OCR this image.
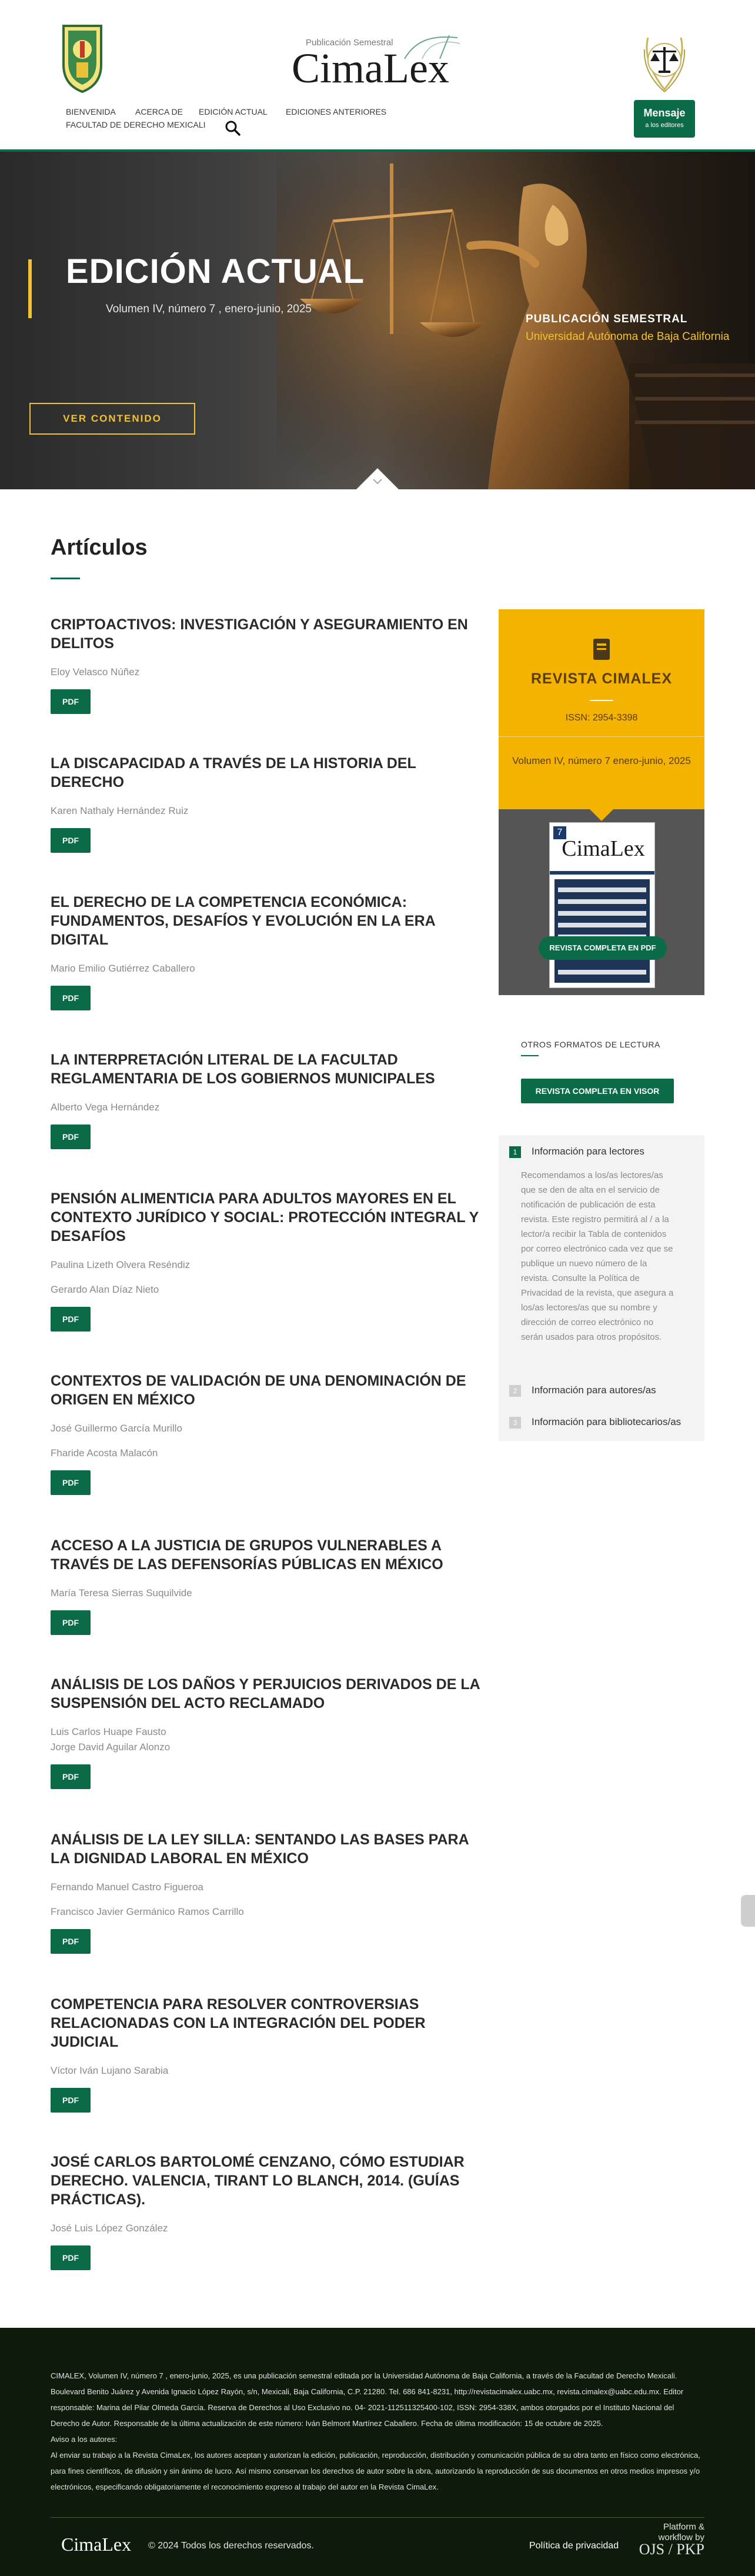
Publicación Semestral
CimaLex
BIENVENIDA ACERCA DE EDICIÓN ACTUAL EDICIONES ANTERIORES
FACULTAD DE DERECHO MEXICALI
Mensaje
a los editores
EDICIÓN ACTUAL
Volumen IV, número 7 , enero-junio, 2025
PUBLICACIÓN SEMESTRAL
Universidad Autónoma de Baja California
VER CONTENIDO
Artículos
CRIPTOACTIVOS: INVESTIGACIÓN Y ASEGURAMIENTO EN DELITOS
Eloy Velasco Núñez
PDF
LA DISCAPACIDAD A TRAVÉS DE LA HISTORIA DEL DERECHO
Karen Nathaly Hernández Ruiz
PDF
EL DERECHO DE LA COMPETENCIA ECONÓMICA: FUNDAMENTOS, DESAFÍOS Y EVOLUCIÓN EN LA ERA DIGITAL
Mario Emilio Gutiérrez Caballero
PDF
LA INTERPRETACIÓN LITERAL DE LA FACULTAD REGLAMENTARIA DE LOS GOBIERNOS MUNICIPALES
Alberto Vega Hernández
PDF
PENSIÓN ALIMENTICIA PARA ADULTOS MAYORES EN EL CONTEXTO JURÍDICO Y SOCIAL: PROTECCIÓN INTEGRAL Y DESAFÍOS
Paulina Lizeth Olvera Reséndiz
Gerardo Alan Díaz Nieto
PDF
CONTEXTOS DE VALIDACIÓN DE UNA DENOMINACIÓN DE ORIGEN EN MÉXICO
José Guillermo García Murillo
Fharide Acosta Malacón
PDF
ACCESO A LA JUSTICIA DE GRUPOS VULNERABLES A TRAVÉS DE LAS DEFENSORÍAS PÚBLICAS EN MÉXICO
María Teresa Sierras Suquilvide
PDF
ANÁLISIS DE LOS DAÑOS Y PERJUICIOS DERIVADOS DE LA SUSPENSIÓN DEL ACTO RECLAMADO
Luis Carlos Huape Fausto
Jorge David Aguilar Alonzo
PDF
ANÁLISIS DE LA LEY SILLA: SENTANDO LAS BASES PARA LA DIGNIDAD LABORAL EN MÉXICO
Fernando Manuel Castro Figueroa
Francisco Javier Germánico Ramos Carrillo
PDF
COMPETENCIA PARA RESOLVER CONTROVERSIAS RELACIONADAS CON LA INTEGRACIÓN DEL PODER JUDICIAL
Víctor Iván Lujano Sarabia
PDF
JOSÉ CARLOS BARTOLOMÉ CENZANO, CÓMO ESTUDIAR DERECHO. VALENCIA, TIRANT LO BLANCH, 2014. (GUÍAS PRÁCTICAS).
José Luis López González
PDF
REVISTA CIMALEX
ISSN: 2954-3398
Volumen IV, número 7 enero-junio, 2025
7
CimaLex
REVISTA COMPLETA EN PDF
OTROS FORMATOS DE LECTURA
REVISTA COMPLETA EN VISOR
1	Información para lectores
Recomendamos a los/as lectores/as que se den de alta en el servicio de notificación de publicación de esta revista. Este registro permitirá al / a la lector/a recibir la Tabla de contenidos por correo electrónico cada vez que se publique un nuevo número de la revista. Consulte la Política de Privacidad de la revista, que asegura a los/as lectores/as que su nombre y dirección de correo electrónico no serán usados para otros propósitos.
2	Información para autores/as
3	Información para bibliotecarios/as
CIMALEX, Volumen IV, número 7 , enero-junio, 2025, es una publicación semestral editada por la Universidad Autónoma de Baja California, a través de la Facultad de Derecho Mexicali. Boulevard Benito Juárez y Avenida Ignacio López Rayón, s/n, Mexicali, Baja California, C.P. 21280. Tel. 686 841-8231, http://revistacimalex.uabc.mx, revista.cimalex@uabc.edu.mx. Editor responsable: Marina del Pilar Olmeda García. Reserva de Derechos al Uso Exclusivo no. 04- 2021-112511325400-102, ISSN: 2954-338X, ambos otorgados por el Instituto Nacional del Derecho de Autor. Responsable de la última actualización de este número: Iván Belmont Martínez Caballero. Fecha de última modificación: 15 de octubre de 2025.
Aviso a los autores:
Al enviar su trabajo a la Revista CimaLex, los autores aceptan y autorizan la edición, publicación, reproducción, distribución y comunicación pública de su obra tanto en físico como electrónica, para fines científicos, de difusión y sin ánimo de lucro. Así mismo conservan los derechos de autor sobre la obra, autorizando la reproducción de sus documentos en otros medios impresos y/o electrónicos, especificando obligatoriamente el reconocimiento expreso al trabajo del autor en la Revista CimaLex.
CimaLex © 2024 Todos los derechos reservados.	Política de privacidad
Platform &
workflow by
OJS / PKP
